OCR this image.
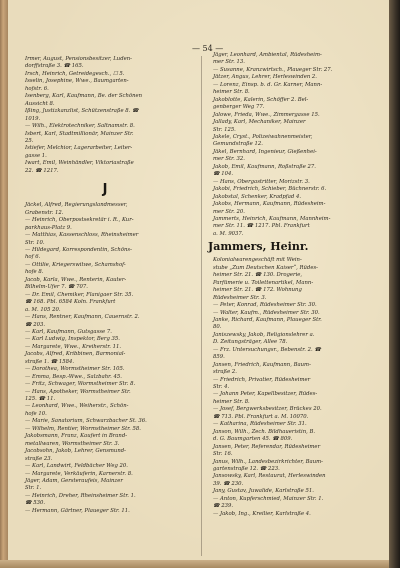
— 54 —
Irmer, August, Pensionsbesitzer, Luden-
dorffstraße 3. ☎ 165.
Irsch, Heinrich, Getreidegesch., ☐ 5.
Isselin, Josephine, Wwe., Baumgarten-
hofstr. 6.
Isenberg, Karl, Kaufmann, Be. der Schönen
Aussicht 8.
Ißing, Justizkanzlist, Schützenstraße 8. ☎
1019.
— Wilh., Elektrotechniker, Saltnamstr. 8.
Isbert, Karl, Stadtmillionär, Mainzer Str.
25.
Istiefer, Melchior, Lagerarbeiter, Leiter-
gasse 1.
Iwart, Emil, Weinhändler, Viktoriastraße
22. ☎ 1217.
J
Jäckel, Alfred, Regierungslandmesser,
Grabenstr. 12.
— Heinrich, Oberpostsekretär i. R., Kur-
parkhaus-Platz 9.
— Matthias, Kassenschloss, Rheinsheimer
Str. 10.
— Hildegard, Korrespondentin, Schöns-
hof 6.
— Ottilie, Kriegerswitwe, Schamshof-
hofe 8.
Jacob, Karla, Wwe., Renterin, Kauter-
Bilhelm-Ufer 7. ☎ 707.
— Dr. Emil, Chemiker, Flanigaer Str. 35.
☎ 168. Pbl. 6584 Koln. Frankfurt
a. M. 105 20.
— Hans, Rentner, Kaufmann, Cauernstr. 2.
☎ 203.
— Karl, Kaufmann, Gutsgasse 7.
— Karl Ludwig, Inspektor, Berg 35.
— Margarete, Wwe., Kreiherstr. 11.
Jacobs, Alfred, Kribbinen, Barmonial-
straße 1. ☎ 1584.
— Dorothea, Wormstheimer Str. 105.
— Emma, Besp.-Wwe., Salzbahr. 45.
— Fritz, Schwager, Wormstheimer Str. 8.
— Hans, Apotheker, Wormstheimer Str.
125. ☎ 11.
— Leonhard, Wwe., Weiherstr., Schön-
hofe 10.
— Marie, Sanatorium, Schwarzbacher St. 36.
— Wilhelm, Rentier, Wormstheimer Str. 58.
Jakobsmann, Franz, Kaufert in Brand-
metallwaren, Wormstheimer Str. 3.
Jacobsohn, Jakob, Lehrer, Gensmund-
straße 23.
— Karl, Landwirt, Feldbächer Weg 20.
— Margarete, Verkäuferin, Karnerstr. 8.
Jäger, Adam, Gersteraufeis, Mainzer
Str. 1.
— Heinrich, Dreher, Rheinsheimer Str. 1.
☎ 530.
— Hermann, Gärtner, Plaueger Str. 11.
Jäger, Leonhard, Ambiental, Rüdesheim-
mer Str. 13.
— Susanne, Kranzwirtsch., Plaueger Str. 27.
Jätzer, Angus, Lehrer, Herleswinden 2.
— Lorenz, Einsp. b. d. Gr. Karner, Mann-
heimer Str. 8.
Jakoblotte, Kalerin, Schöffer 2. Bel-
genberger Weg 77.
Jalowe, Frieda, Wwe., Zimmergasse 15.
Jallady, Karl, Mechaniker, Mainzer
Str. 125.
Jakele, Cryst., Polizeiwahnenmeister,
Gemundstraße 12.
Jäkel, Bernhard, Ingenieur, Gießenhei-
mer Str. 32.
Jakob, Emil, Kaufmann, Roßstraße 27.
☎ 104.
— Hans, Obergastritter, Morizstr. 3.
Jakobi, Friedrich, Schieber, Büchnerstr. 6.
Jakobstal, Schenker, Kradpfad 4.
Jakobs, Hermann, Kaufmann, Rüdesheim-
mer Str. 20.
Jammerts, Heinrich, Kaufmann, Mannheim-
mer Str. 11. ☎ 1217. Pbl. Frankfurt
a. M. 9037.
Jammers, Heinr.
Kolonialwarengeschäft mit Wein-
stube „Zum Deutschen Kaiser“, Rüdes-
heimer Str. 21. ☎ 130. Drogerie,
Parfümerie u. Toilettenartikel, Mann-
heimer Str. 21. ☎ 172. Wohnung
Rüdesheimer Str. 3.
— Peter, Konrad, Rüdesheimer Str. 30.
— Walter, Kaufm., Rüdesheimer Str. 30.
Janke, Richard, Kaufmann, Plaueger Str.
80.
Janiszewsky, Jakob, Religionslehrer a.
D. Zeitungsträger, Allee 78.
— Frz. Untersuchungsr., Bebenstr. 2. ☎
859.
Jansen, Friedrich, Kaufmann, Baum-
straße 2.
— Friedrich, Privatier, Rüdesheimer
Str. 4.
— Johann Peter, Kapellbesitzer, Rüdes-
heimer Str. 8.
— Josef, Bergwerksbesitzer, Brückes 20.
☎ 713. Pbl. Frankfurt a. M. 10070.
— Katharina, Rüdesheimer Str. 31.
Janson, Wilh., Zech. Bildhaueristin, B.
d. G. Baumgarten 45. ☎ 809.
Jansen, Peter, Referendar, Rüdesheimer
Str. 16.
Janus, Wilh., Landesbezirkrichter, Baum-
gartenstraße 12. ☎ 223.
Jansowsky, Karl, Restaurat, Herleswinden
39. ☎ 230.
Jany, Gustav, Juwalide, Karlstraße 51.
— Anton, Kupferschmied, Mainzer Str. 1.
☎ 239.
— Jakob, Ing., Kreilier, Karlstraße 4.
